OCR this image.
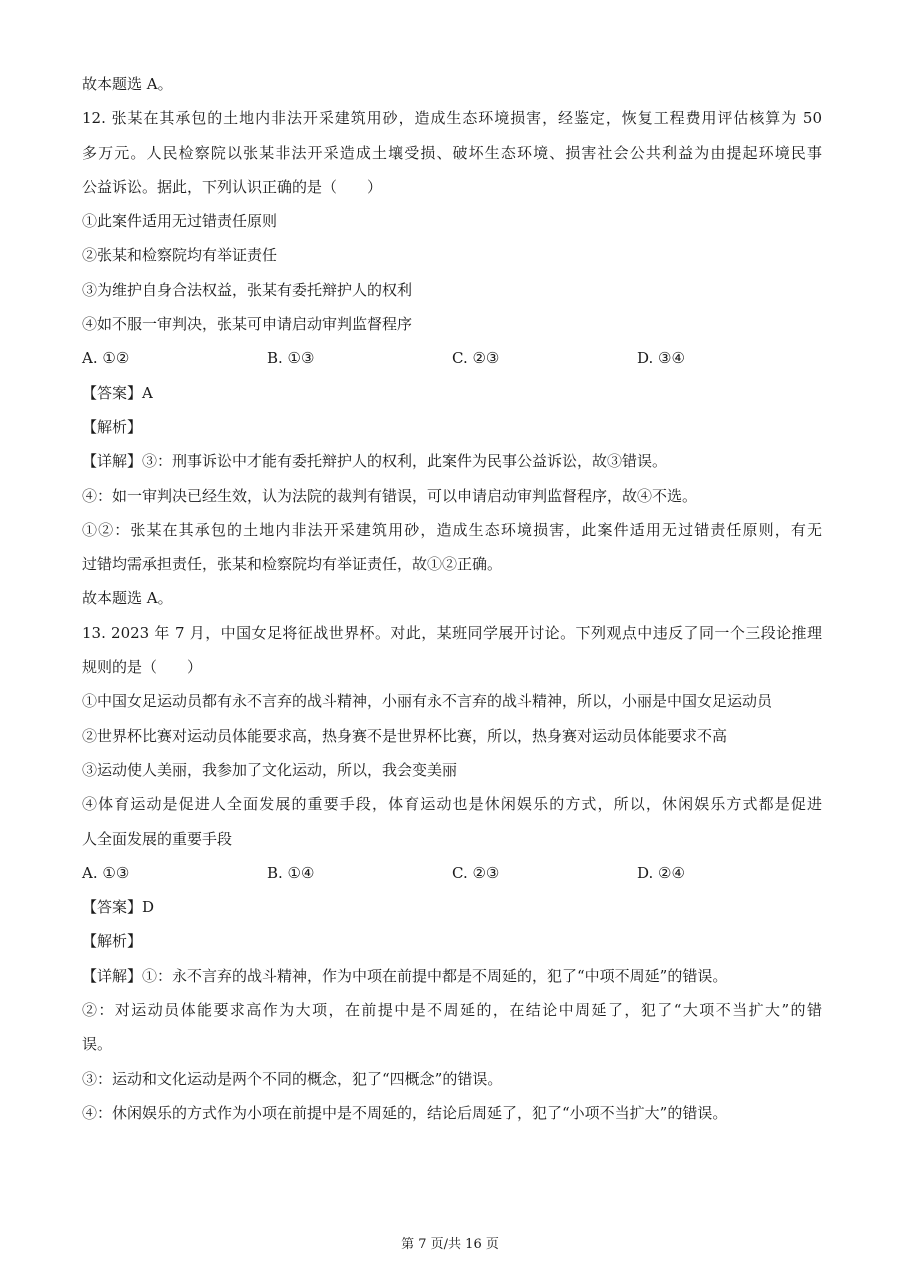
故本题选 A。
12. 张某在其承包的土地内非法开采建筑用砂，造成生态环境损害，经鉴定，恢复工程费用评估核算为 50
多万元。人民检察院以张某非法开采造成土壤受损、破坏生态环境、损害社会公共利益为由提起环境民事
公益诉讼。据此，下列认识正确的是（　　）
①此案件适用无过错责任原则
②张某和检察院均有举证责任
③为维护自身合法权益，张某有委托辩护人的权利
④如不服一审判决，张某可申请启动审判监督程序
A. ①②	B. ①③	C. ②③	D. ③④
【答案】A
【解析】
【详解】③：刑事诉讼中才能有委托辩护人的权利，此案件为民事公益诉讼，故③错误。
④：如一审判决已经生效，认为法院的裁判有错误，可以申请启动审判监督程序，故④不选。
①②：张某在其承包的土地内非法开采建筑用砂，造成生态环境损害，此案件适用无过错责任原则，有无
过错均需承担责任，张某和检察院均有举证责任，故①②正确。
故本题选 A。
13. 2023 年 7 月，中国女足将征战世界杯。对此，某班同学展开讨论。下列观点中违反了同一个三段论推理
规则的是（　　）
①中国女足运动员都有永不言弃的战斗精神，小丽有永不言弃的战斗精神，所以，小丽是中国女足运动员
②世界杯比赛对运动员体能要求高，热身赛不是世界杯比赛，所以，热身赛对运动员体能要求不高
③运动使人美丽，我参加了文化运动，所以，我会变美丽
④体育运动是促进人全面发展的重要手段，体育运动也是休闲娱乐的方式，所以，休闲娱乐方式都是促进
人全面发展的重要手段
A. ①③	B. ①④	C. ②③	D. ②④
【答案】D
【解析】
【详解】①：永不言弃的战斗精神，作为中项在前提中都是不周延的，犯了“中项不周延”的错误。
②：对运动员体能要求高作为大项，在前提中是不周延的，在结论中周延了，犯了“大项不当扩大”的错
误。
③：运动和文化运动是两个不同的概念，犯了“四概念”的错误。
④：休闲娱乐的方式作为小项在前提中是不周延的，结论后周延了，犯了“小项不当扩大”的错误。
第 7 页/共 16 页
